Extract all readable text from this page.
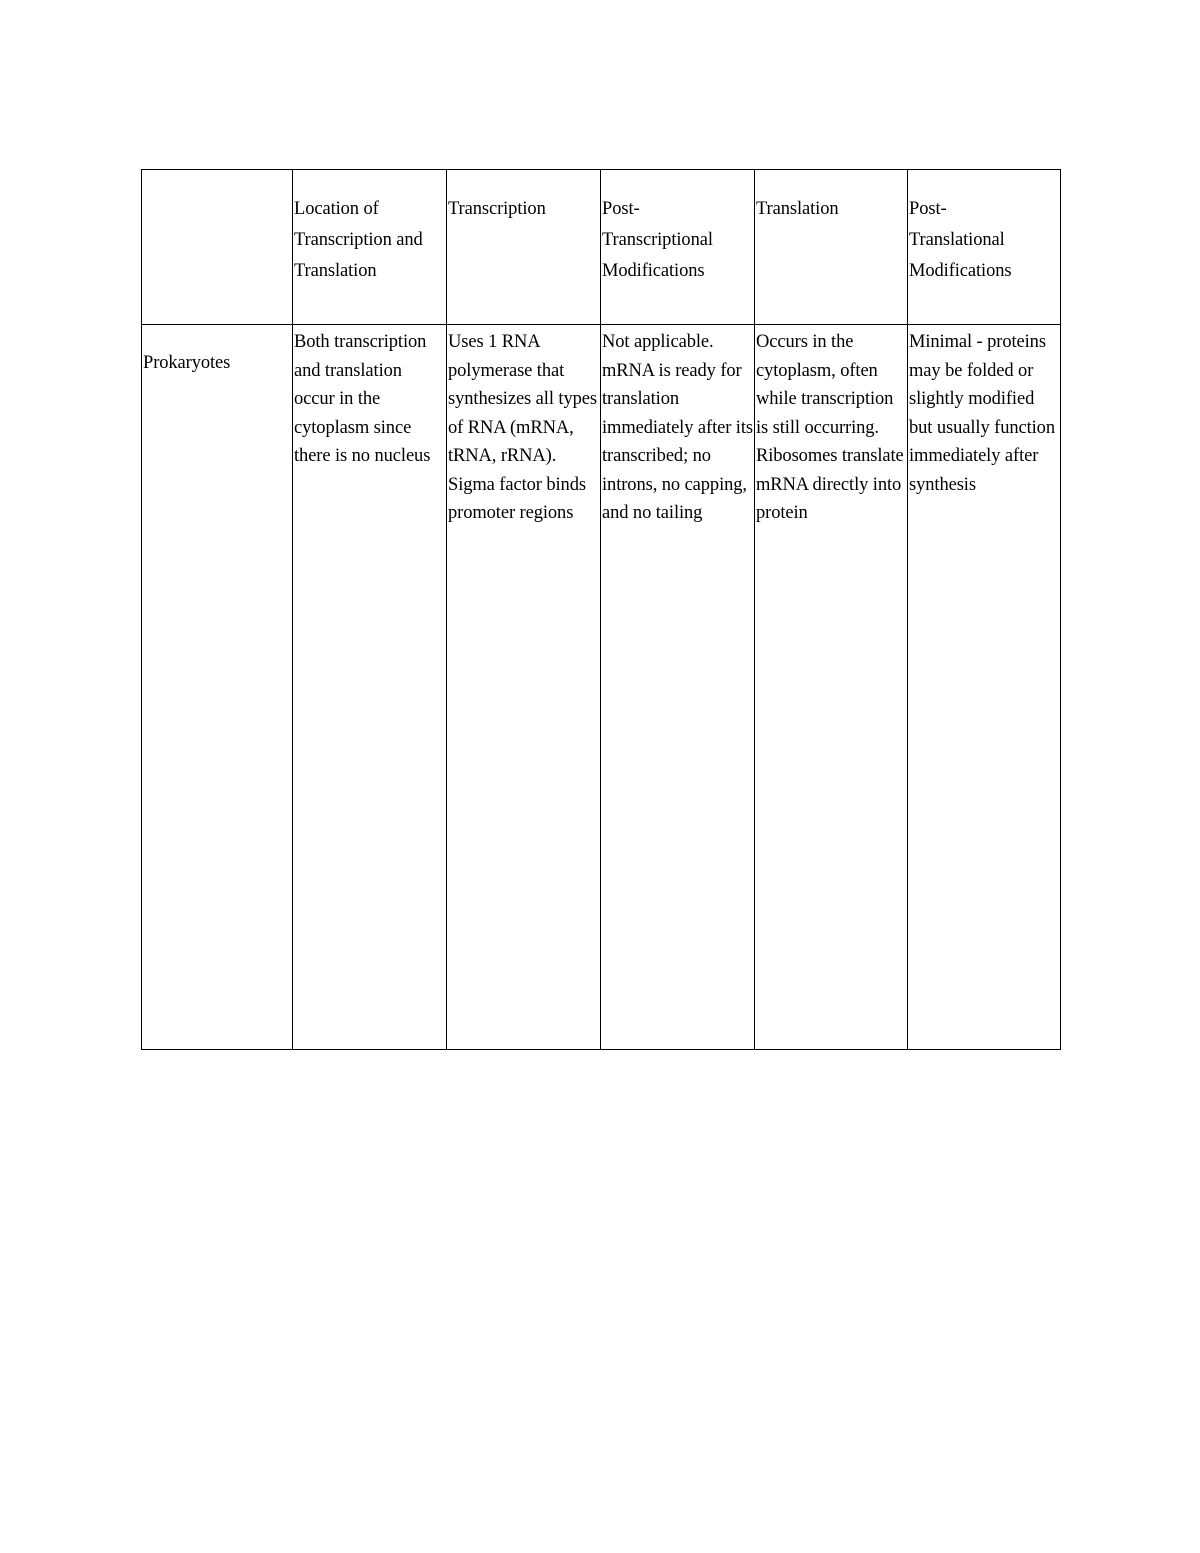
	Location of
Transcription and
Translation	Transcription	Post-
Transcriptional
Modifications	Translation	Post-
Translational
Modifications

Prokaryotes	Both transcription and translation occur in the cytoplasm since there is no nucleus	Uses 1 RNA polymerase that synthesizes all types of RNA (mRNA, tRNA, rRNA). Sigma factor binds promoter regions	Not applicable. mRNA is ready for translation immediately after its transcribed; no introns, no capping, and no tailing	Occurs in the cytoplasm, often while transcription is still occurring. Ribosomes translate mRNA directly into protein	Minimal - proteins may be folded or slightly modified but usually function immediately after synthesis
